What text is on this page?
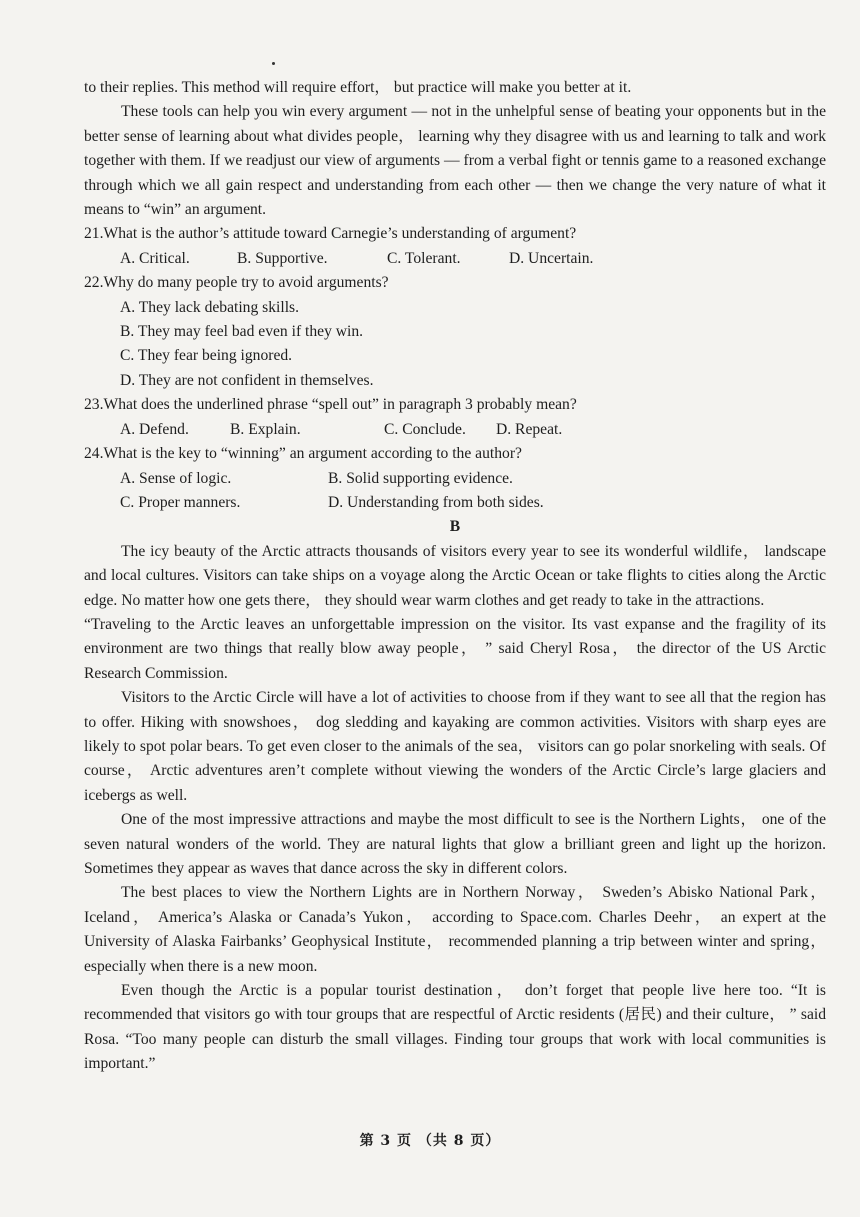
to their replies. This method will require effort， but practice will make you better at it.

These tools can help you win every argument — not in the unhelpful sense of beating your opponents but in the better sense of learning about what divides people， learning why they disagree with us and learning to talk and work together with them. If we readjust our view of arguments — from a verbal fight or tennis game to a reasoned exchange through which we all gain respect and understanding from each other — then we change the very nature of what it means to “win” an argument.

21.What is the author’s attitude toward Carnegie’s understanding of argument?

A. Critical.	B. Supportive.	C. Tolerant.	D. Uncertain.

22.Why do many people try to avoid arguments?

A. They lack debating skills.
B. They may feel bad even if they win.
C. They fear being ignored.
D. They are not confident in themselves.

23.What does the underlined phrase “spell out” in paragraph 3 probably mean?

A. Defend.	B. Explain.	C. Conclude.	D. Repeat.

24.What is the key to “winning” an argument according to the author?

A. Sense of logic.	B. Solid supporting evidence.
C. Proper manners.	D. Understanding from both sides.

B

The icy beauty of the Arctic attracts thousands of visitors every year to see its wonderful wildlife， landscape and local cultures. Visitors can take ships on a voyage along the Arctic Ocean or take flights to cities along the Arctic edge. No matter how one gets there， they should wear warm clothes and get ready to take in the attractions.

“Traveling to the Arctic leaves an unforgettable impression on the visitor. Its vast expanse and the fragility of its environment are two things that really blow away people， ” said Cheryl Rosa， the director of the US Arctic Research Commission.

Visitors to the Arctic Circle will have a lot of activities to choose from if they want to see all that the region has to offer. Hiking with snowshoes， dog sledding and kayaking are common activities. Visitors with sharp eyes are likely to spot polar bears. To get even closer to the animals of the sea， visitors can go polar snorkeling with seals. Of course， Arctic adventures aren’t complete without viewing the wonders of the Arctic Circle’s large glaciers and icebergs as well.

One of the most impressive attractions and maybe the most difficult to see is the Northern Lights， one of the seven natural wonders of the world. They are natural lights that glow a brilliant green and light up the horizon. Sometimes they appear as waves that dance across the sky in different colors.

The best places to view the Northern Lights are in Northern Norway， Sweden’s Abisko National Park， Iceland， America’s Alaska or Canada’s Yukon， according to Space.com. Charles Deehr， an expert at the University of Alaska Fairbanks’ Geophysical Institute， recommended planning a trip between winter and spring， especially when there is a new moon.

Even though the Arctic is a popular tourist destination， don’t forget that people live here too. “It is recommended that visitors go with tour groups that are respectful of Arctic residents (居民) and their culture， ” said Rosa. “Too many people can disturb the small villages. Finding tour groups that work with local communities is important.”

第 3 页 （共 8 页）
